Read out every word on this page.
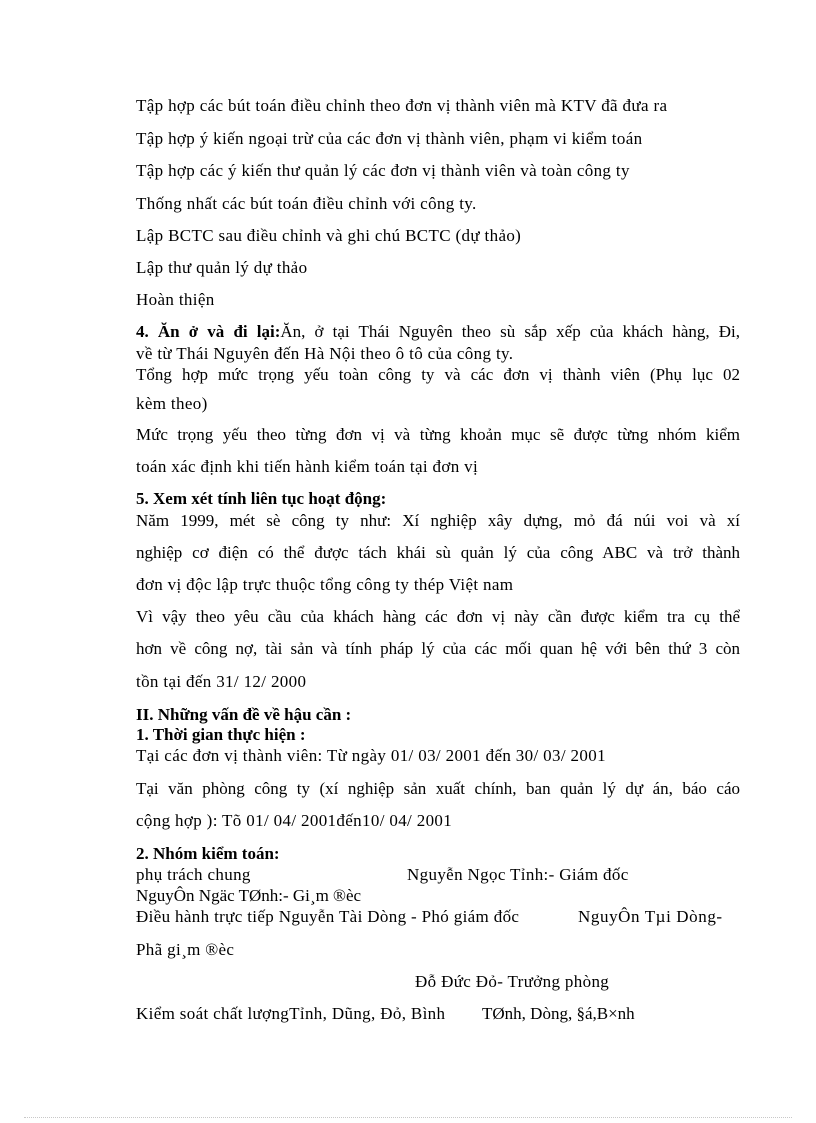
Tập hợp các bút toán điều chỉnh theo đơn vị thành viên mà KTV đã đưa ra
Tập hợp ý kiến ngoại trừ của các đơn vị thành viên, phạm vi kiểm toán
Tập hợp các ý kiến thư quản lý các đơn vị thành viên và toàn công ty
Thống nhất các bút toán điều chỉnh với công ty.
Lập BCTC sau điều chỉnh và ghi chú BCTC (dự thảo)
Lập thư quản lý dự thảo
Hoàn thiện
4. Ăn ở và đi lại:Ăn, ở tại Thái Nguyên theo sù sắp xếp của khách hàng, Đi,
về từ Thái Nguyên đến Hà Nội theo ô tô của công ty.
Tổng hợp mức trọng yếu toàn công ty và các đơn vị thành viên (Phụ lục 02
kèm theo)
Mức trọng yếu theo từng đơn vị và từng khoản mục sẽ được từng nhóm kiểm
toán xác định khi tiến hành kiểm toán tại đơn vị
5. Xem xét tính liên tục hoạt động:
Năm 1999, mét sè công ty như: Xí nghiệp xây dựng, mỏ đá núi voi và xí
nghiệp cơ điện có thể được tách khái sù quản lý của công ABC và trở thành
đơn vị độc lập trực thuộc tổng công ty thép Việt nam
Vì vậy theo yêu cầu của khách hàng các đơn vị này cần được kiểm tra cụ thể
hơn về công nợ, tài sản và tính pháp lý của các mối quan hệ với bên thứ 3 còn
tồn tại đến 31/ 12/ 2000
II. Những vấn đề về hậu cần :
1. Thời gian thực hiện :
Tại các đơn vị thành viên: Từ ngày 01/ 03/ 2001 đến 30/ 03/ 2001
Tại văn phòng công ty (xí nghiệp sản xuất chính, ban quản lý dự án, báo cáo
cộng hợp ): Tõ 01/ 04/ 2001đến10/ 04/ 2001
2. Nhóm kiểm toán:
phụ trách chung	Nguyễn Ngọc Tỉnh:- Giám đốc
NguyÔn Ngäc TØnh:- Gi¸m ®èc
Điều hành trực tiếp Nguyễn Tài Dòng - Phó giám đốc	NguyÔn Tµi Dòng-
Phã gi¸m ®èc
Đỗ Đức Đỏ- Trưởng phòng
Kiểm soát chất lượngTỉnh, Dũng, Đỏ, Bình TØnh, Dòng, §á,B×nh
